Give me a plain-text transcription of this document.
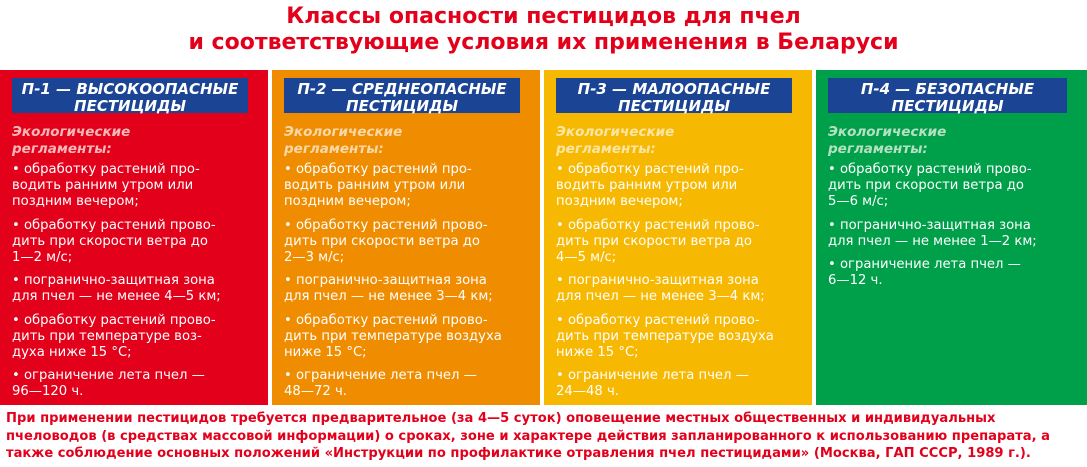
Классы опасности пестицидов для пчел
и соответствующие условия их применения в Беларуси
П-1 — ВЫСОКООПАСНЫЕ
ПЕСТИЦИДЫ
Экологические
регламенты:
• обработку растений про-
водить ранним утром или
поздним вечером;
• обработку растений прово-
дить при скорости ветра до
1—2 м/с;
• погранично-защитная зона
для пчел — не менее 4—5 км;
• обработку растений прово-
дить при температуре воз-
духа ниже 15 °С;
• ограничение лета пчел —
96—120 ч.
П-2 — СРЕДНЕОПАСНЫЕ
ПЕСТИЦИДЫ
Экологические
регламенты:
• обработку растений про-
водить ранним утром или
поздним вечером;
• обработку растений прово-
дить при скорости ветра до
2—3 м/с;
• погранично-защитная зона
для пчел — не менее 3—4 км;
• обработку растений прово-
дить при температуре воздуха
ниже 15 °С;
• ограничение лета пчел —
48—72 ч.
П-3 — МАЛООПАСНЫЕ
ПЕСТИЦИДЫ
Экологические
регламенты:
• обработку растений про-
водить ранним утром или
поздним вечером;
• обработку растений прово-
дить при скорости ветра до
4—5 м/с;
• погранично-защитная зона
для пчел — не менее 3—4 км;
• обработку растений прово-
дить при температуре воздуха
ниже 15 °С;
• ограничение лета пчел —
24—48 ч.
П-4 — БЕЗОПАСНЫЕ
ПЕСТИЦИДЫ
Экологические
регламенты:
• обработку растений прово-
дить при скорости ветра до
5—6 м/с;
• погранично-защитная зона
для пчел — не менее 1—2 км;
• ограничение лета пчел —
6—12 ч.
При применении пестицидов требуется предварительное (за 4—5 суток) оповещение местных общественных и индивидуальных пчеловодов (в средствах массовой информации) о сроках, зоне и характере действия запланированного к использованию препарата, а также соблюдение основных положений «Инструкции по профилактике отравления пчел пестицидами» (Москва, ГАП СССР, 1989 г.).
